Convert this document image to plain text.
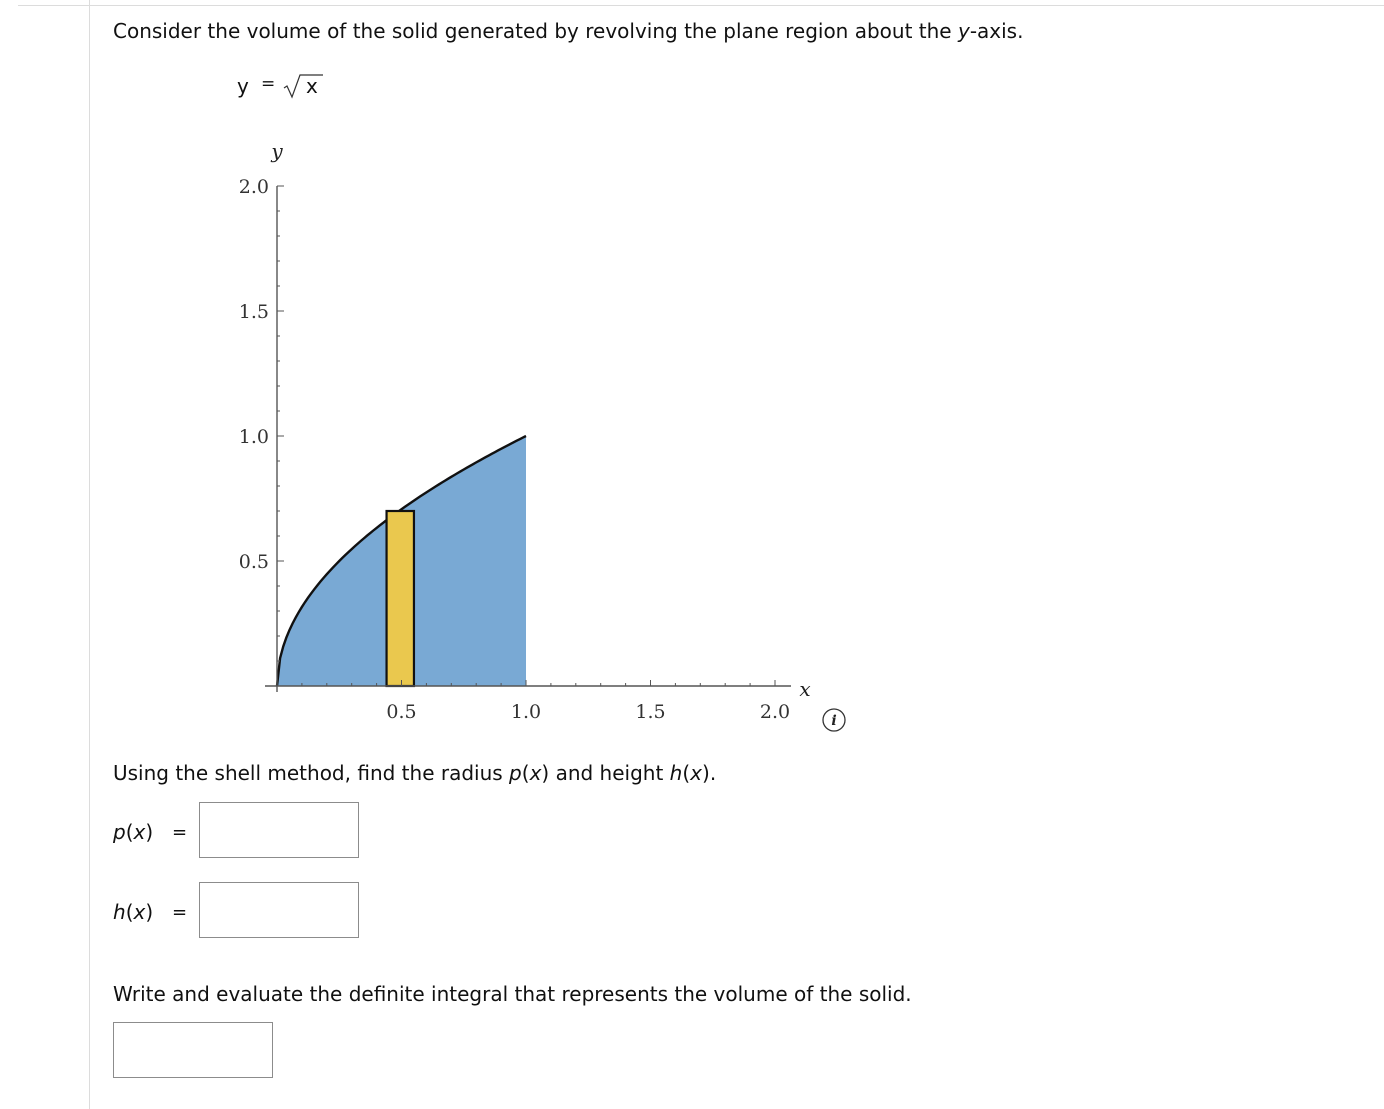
Consider the volume of the solid generated by revolving the plane region about the y-axis.
y = x
0.5	1.0	1.5	2.0
0.5
1.0
1.5
2.0
x
y
i
Using the shell method, find the radius p(x) and height h(x).
p(x) =
h(x) =
Write and evaluate the definite integral that represents the volume of the solid.
